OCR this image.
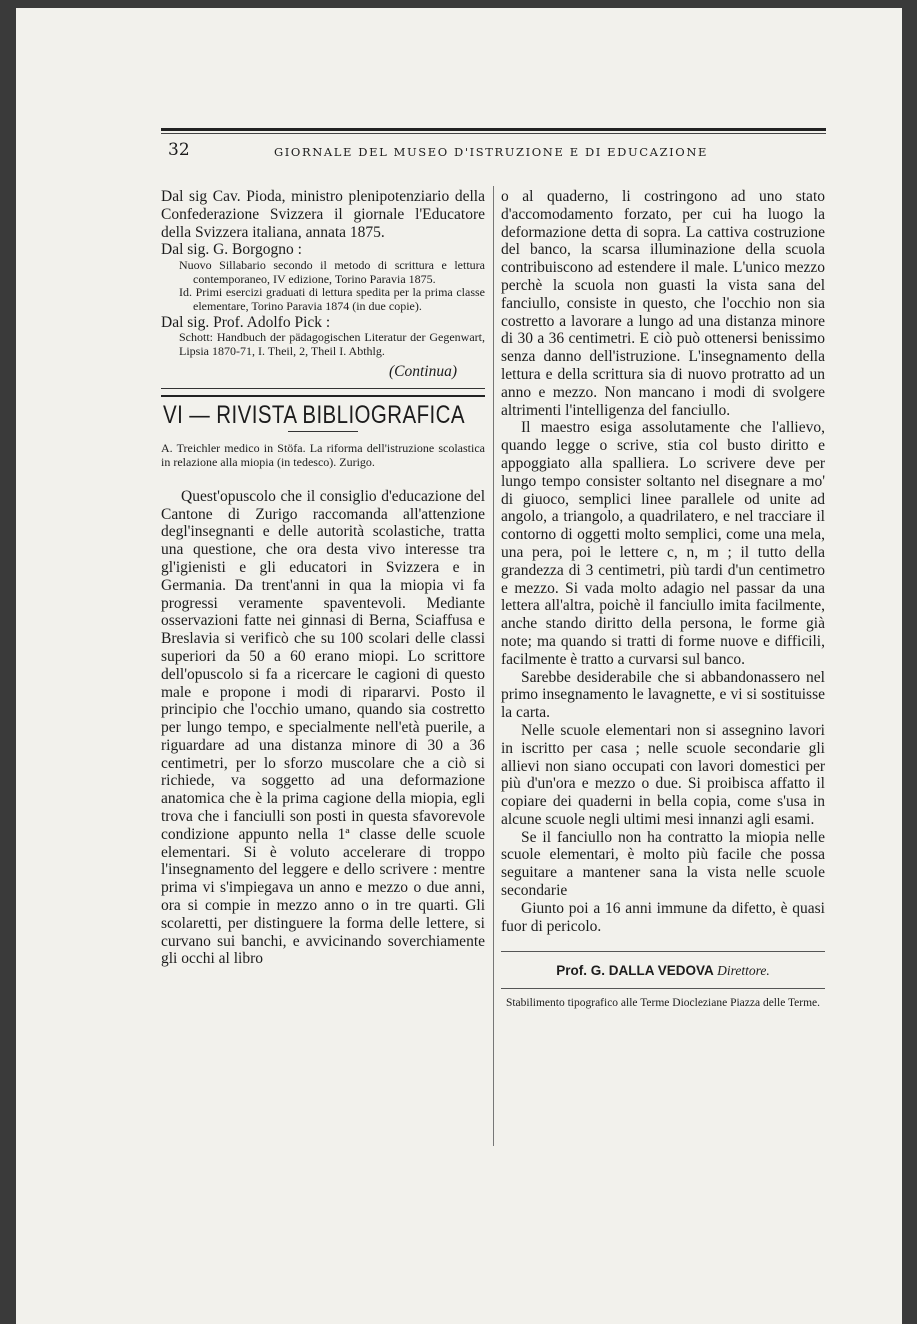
32	GIORNALE DEL MUSEO D'ISTRUZIONE E DI EDUCAZIONE

Dal sig Cav. Pioda, ministro plenipotenziario della Confederazione Svizzera il giornale l'Educatore della Svizzera italiana, annata 1875.

Dal sig. G. Borgogno :

Nuovo Sillabario secondo il metodo di scrittura e lettura contemporaneo, IV edizione, Torino Paravia 1875.

Id. Primi esercizi graduati di lettura spedita per la prima classe elementare, Torino Paravia 1874 (in due copie).

Dal sig. Prof. Adolfo Pick :

Schott: Handbuch der pädagogischen Literatur der Gegenwart, Lipsia 1870-71, I. Theil, 2, Theil I. Abthlg.

(Continua)

VI — RIVISTA BIBLIOGRAFICA

A. Treichler medico in Stöfa. La riforma dell'istruzione scolastica in relazione alla miopia (in tedesco). Zurigo.

Quest'opuscolo che il consiglio d'educazione del Cantone di Zurigo raccomanda all'attenzione degl'insegnanti e delle autorità scolastiche, tratta una questione, che ora desta vivo interesse tra gl'igienisti e gli educatori in Svizzera e in Germania. Da trent'anni in qua la miopia vi fa progressi veramente spaventevoli. Mediante osservazioni fatte nei ginnasi di Berna, Sciaffusa e Breslavia si verificò che su 100 scolari delle classi superiori da 50 a 60 erano miopi. Lo scrittore dell'opuscolo si fa a ricercare le cagioni di questo male e propone i modi di ripararvi. Posto il principio che l'occhio umano, quando sia costretto per lungo tempo, e specialmente nell'età puerile, a riguardare ad una distanza minore di 30 a 36 centimetri, per lo sforzo muscolare che a ciò si richiede, va soggetto ad una deformazione anatomica che è la prima cagione della miopia, egli trova che i fanciulli son posti in questa sfavorevole condizione appunto nella 1ª classe delle scuole elementari. Si è voluto accelerare di troppo l'insegnamento del leggere e dello scrivere : mentre prima vi s'impiegava un anno e mezzo o due anni, ora si compie in mezzo anno o in tre quarti. Gli scolaretti, per distinguere la forma delle lettere, si curvano sui banchi, e avvicinando soverchiamente gli occhi al libro

o al quaderno, li costringono ad uno stato d'accomodamento forzato, per cui ha luogo la deformazione detta di sopra. La cattiva costruzione del banco, la scarsa illuminazione della scuola contribuiscono ad estendere il male. L'unico mezzo perchè la scuola non guasti la vista sana del fanciullo, consiste in questo, che l'occhio non sia costretto a lavorare a lungo ad una distanza minore di 30 a 36 centimetri. E ciò può ottenersi benissimo senza danno dell'istruzione. L'insegnamento della lettura e della scrittura sia di nuovo protratto ad un anno e mezzo. Non mancano i modi di svolgere altrimenti l'intelligenza del fanciullo.

Il maestro esiga assolutamente che l'allievo, quando legge o scrive, stia col busto diritto e appoggiato alla spalliera. Lo scrivere deve per lungo tempo consister soltanto nel disegnare a mo' di giuoco, semplici linee parallele od unite ad angolo, a triangolo, a quadrilatero, e nel tracciare il contorno di oggetti molto semplici, come una mela, una pera, poi le lettere c, n, m ; il tutto della grandezza di 3 centimetri, più tardi d'un centimetro e mezzo. Si vada molto adagio nel passar da una lettera all'altra, poichè il fanciullo imita facilmente, anche stando diritto della persona, le forme già note; ma quando si tratti di forme nuove e difficili, facilmente è tratto a curvarsi sul banco.

Sarebbe desiderabile che si abbandonassero nel primo insegnamento le lavagnette, e vi si sostituisse la carta.

Nelle scuole elementari non si assegnino lavori in iscritto per casa ; nelle scuole secondarie gli allievi non siano occupati con lavori domestici per più d'un'ora e mezzo o due. Si proibisca affatto il copiare dei quaderni in bella copia, come s'usa in alcune scuole negli ultimi mesi innanzi agli esami.

Se il fanciullo non ha contratto la miopia nelle scuole elementari, è molto più facile che possa seguitare a mantener sana la vista nelle scuole secondarie

Giunto poi a 16 anni immune da difetto, è quasi fuor di pericolo.

Prof. G. DALLA VEDOVA Direttore.

Stabilimento tipografico alle Terme Diocleziane Piazza delle Terme.
